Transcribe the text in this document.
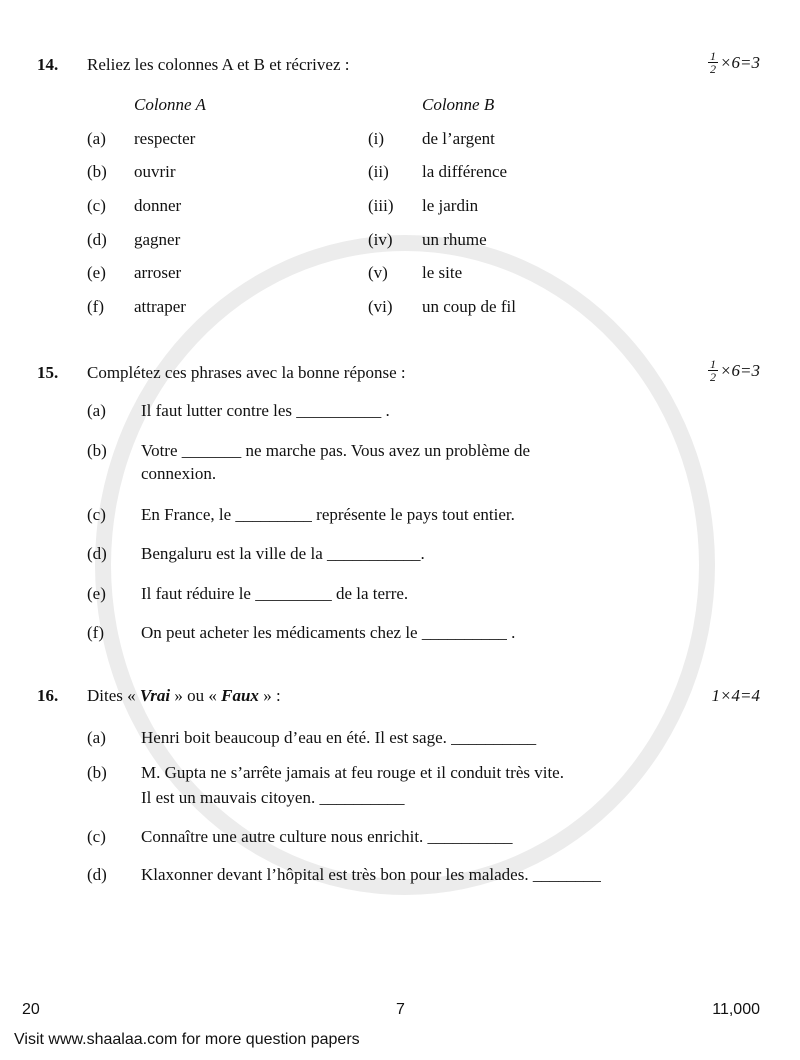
14. Reliez les colonnes A et B et récrivez :	$\frac{1}{2} \times 6=3$
Colonne A	Colonne B
(a) respecter	(i) de l’argent
(b) ouvrir	(ii) la différence
(c) donner	(iii) le jardin
(d) gagner	(iv) un rhume
(e) arroser	(v) le site
(f) attraper	(vi) un coup de fil
15. Complétez ces phrases avec la bonne réponse :	$\frac{1}{2} \times 6=3$
(a) Il faut lutter contre les __________ .
(b) Votre _______ ne marche pas. Vous avez un problème de
connexion.
(c) En France, le _________ représente le pays tout entier.
(d) Bengaluru est la ville de la ___________.
(e) Il faut réduire le _________ de la terre.
(f) On peut acheter les médicaments chez le __________ .
16. Dites « Vrai » ou « Faux » :	1×4=4
(a) Henri boit beaucoup d’eau en été. Il est sage. __________
(b) M. Gupta ne s’arrête jamais at feu rouge et il conduit très vite.
Il est un mauvais citoyen. __________
(c) Connaître une autre culture nous enrichit. __________
(d) Klaxonner devant l’hôpital est très bon pour les malades. ________
20	7	11,000
Visit www.shaalaa.com for more question papers
